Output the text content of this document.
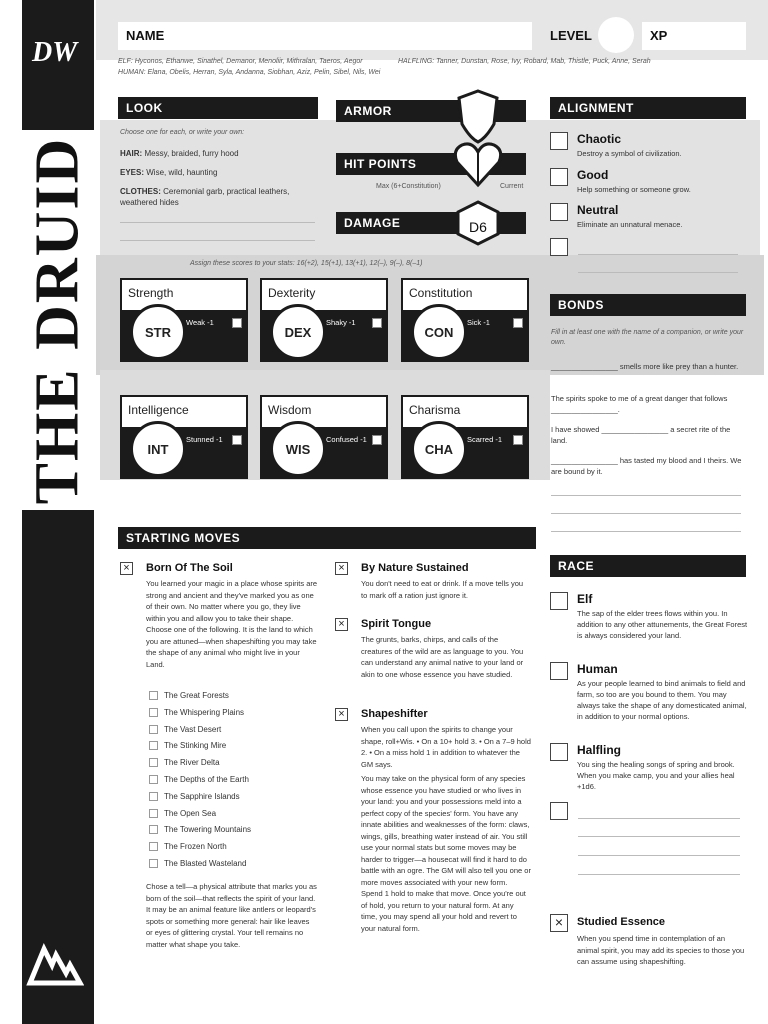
THE DRUID
DW
NAME	LEVEL	XP
ELF: Hyconos, Ethanwe, Sinathel, Demanor, Menoliir, Mithralan, Taeros, Aegor
HUMAN: Elana, Obelis, Herran, Syla, Andanna, Siobhan, Aziz, Pelin, Sibel, Nils, Wei
HALFLING: Tanner, Dunstan, Rose, Ivy, Robard, Mab, Thistle, Puck, Anne, Serah
LOOK
Choose one for each, or write your own:
HAIR: Messy, braided, furry hood
EYES: Wise, wild, haunting
CLOTHES: Ceremonial garb, practical leathers, weathered hides
ARMOR
HIT POINTS
Max (6+Constitution)	Current
DAMAGE	D6
Assign these scores to your stats: 16(+2), 15(+1), 13(+1), 12(–), 9(–), 8(–1)
Strength
STR
Weak -1
Dexterity
DEX
Shaky -1
Constitution
CON
Sick -1
Intelligence
INT
Stunned -1
Wisdom
WIS
Confused -1
Charisma
CHA
Scarred -1
ALIGNMENT
Chaotic
Destroy a symbol of civilization.
Good
Help something or someone grow.
Neutral
Eliminate an unnatural menace.
BONDS
Fill in at least one with the name of a companion, or write your own.
________________ smells more like prey than a hunter.
The spirits spoke to me of a great danger that follows ________________.
I have showed ________________ a secret rite of the land.
________________ has tasted my blood and I theirs. We are bound by it.
STARTING MOVES
× Born Of The Soil
You learned your magic in a place whose spirits are strong and ancient and they've marked you as one of their own. No matter where you go, they live within you and allow you to take their shape. Choose one of the following. It is the land to which you are attuned—when shapeshifting you may take the shape of any animal who might live in your Land.
The Great Forests
The Whispering Plains
The Vast Desert
The Stinking Mire
The River Delta
The Depths of the Earth
The Sapphire Islands
The Open Sea
The Towering Mountains
The Frozen North
The Blasted Wasteland
Chose a tell—a physical attribute that marks you as born of the soil—that reflects the spirit of your land. It may be an animal feature like antlers or leopard's spots or something more general: hair like leaves or eyes of glittering crystal. Your tell remains no matter what shape you take.
× By Nature Sustained
You don't need to eat or drink. If a move tells you to mark off a ration just ignore it.
× Spirit Tongue
The grunts, barks, chirps, and calls of the creatures of the wild are as language to you. You can understand any animal native to your land or akin to one whose essence you have studied.
× Shapeshifter
When you call upon the spirits to change your shape, roll+Wis. • On a 10+ hold 3. • On a 7–9 hold 2. • On a miss hold 1 in addition to whatever the GM says.
You may take on the physical form of any species whose essence you have studied or who lives in your land: you and your possessions meld into a perfect copy of the species' form. You have any innate abilities and weaknesses of the form: claws, wings, gills, breathing water instead of air. You still use your normal stats but some moves may be harder to trigger—a housecat will find it hard to do battle with an ogre. The GM will also tell you one or more moves associated with your new form. Spend 1 hold to make that move. Once you're out of hold, you return to your natural form. At any time, you may spend all your hold and revert to your natural form.
RACE
Elf
The sap of the elder trees flows within you. In addition to any other attunements, the Great Forest is always considered your land.
Human
As your people learned to bind animals to field and farm, so too are you bound to them. You may always take the shape of any domesticated animal, in addition to your normal options.
Halfling
You sing the healing songs of spring and brook. When you make camp, you and your allies heal +1d6.
×	Studied Essence
When you spend time in contemplation of an animal spirit, you may add its species to those you can assume using shapeshifting.
